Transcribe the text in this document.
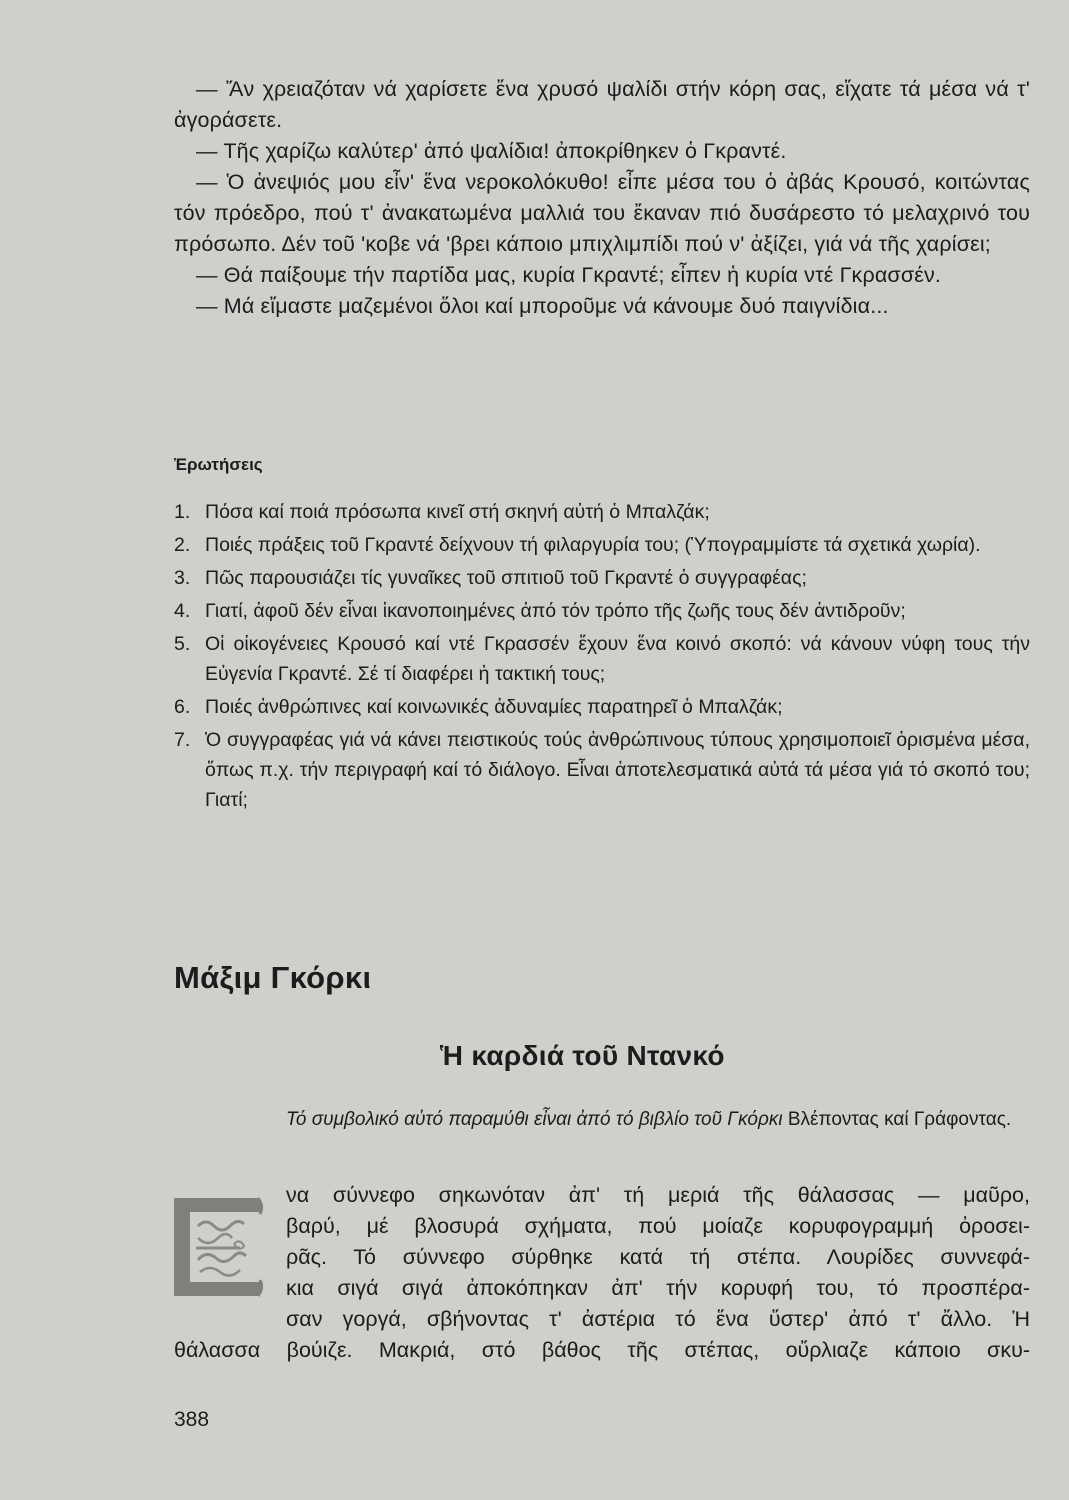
— Ἄν χρειαζόταν νά χαρίσετε ἕνα χρυσό ψαλίδι στήν κόρη σας, εἴχατε τά μέσα νά τ' ἀγοράσετε.

— Τῆς χαρίζω καλύτερ' ἀπό ψαλίδια! ἀποκρίθηκεν ὁ Γκραντέ.

— Ὁ ἀνεψιός μου εἶν' ἕνα νεροκολόκυθο! εἶπε μέσα του ὁ ἀβάς Κρουσό, κοιτώντας τόν πρόεδρο, πού τ' ἀνακατωμένα μαλλιά του ἔκαναν πιό δυσάρεστο τό μελαχρινό του πρόσωπο. Δέν τοῦ 'κοβε νά 'βρει κάποιο μπιχλιμπίδι πού ν' ἀξίζει, γιά νά τῆς χαρίσει;

— Θά παίξουμε τήν παρτίδα μας, κυρία Γκραντέ; εἶπεν ἡ κυρία ντέ Γκρασσέν.

— Μά εἴμαστε μαζεμένοι ὅλοι καί μποροῦμε νά κάνουμε δυό παιγνίδια...

Ἐρωτήσεις
1. Πόσα καί ποιά πρόσωπα κινεῖ στή σκηνή αὐτή ὁ Μπαλζάκ;
2. Ποιές πράξεις τοῦ Γκραντέ δείχνουν τή φιλαργυρία του; (Ὑπογραμμίστε τά σχετικά χωρία).
3. Πῶς παρουσιάζει τίς γυναῖκες τοῦ σπιτιοῦ τοῦ Γκραντέ ὁ συγγραφέας;
4. Γιατί, ἀφοῦ δέν εἶναι ἱκανοποιημένες ἀπό τόν τρόπο τῆς ζωῆς τους δέν ἀντιδροῦν;
5. Οἱ οἰκογένειες Κρουσό καί ντέ Γκρασσέν ἔχουν ἕνα κοινό σκοπό: νά κάνουν νύφη τους τήν Εὐγενία Γκραντέ. Σέ τί διαφέρει ἡ τακτική τους;
6. Ποιές ἀνθρώπινες καί κοινωνικές ἀδυναμίες παρατηρεῖ ὁ Μπαλζάκ;
7. Ὁ συγγραφέας γιά νά κάνει πειστικούς τούς ἀνθρώπινους τύπους χρησιμοποιεῖ ὁρισμένα μέσα, ὅπως π.χ. τήν περιγραφή καί τό διάλογο. Εἶναι ἀποτελεσματικά αὐτά τά μέσα γιά τό σκοπό του; Γιατί;
Μάξιμ Γκόρκι
Ἡ καρδιά τοῦ Ντανκό

Τό συμβολικό αὐτό παραμύθι εἶναι ἀπό τό βιβλίο τοῦ Γκόρκι Βλέποντας καί Γράφοντας.

να σύννεφο σηκωνόταν ἀπ' τή μεριά τῆς θάλασσας — μαῦρο,
βαρύ, μέ βλοσυρά σχήματα, πού μοίαζε κορυφογραμμή ὀροσει-
ρᾶς. Τό σύννεφο σύρθηκε κατά τή στέπα. Λουρίδες συννεφά-
κια σιγά σιγά ἀποκόπηκαν ἀπ' τήν κορυφή του, τό προσπέρα-
σαν γοργά, σβήνοντας τ' ἀστέρια τό ἕνα ὕστερ' ἀπό τ' ἄλλο. Ἡ
θάλασσα βούιζε. Μακριά, στό βάθος τῆς στέπας, οὔρλιαζε κάποιο σκυ-
388
